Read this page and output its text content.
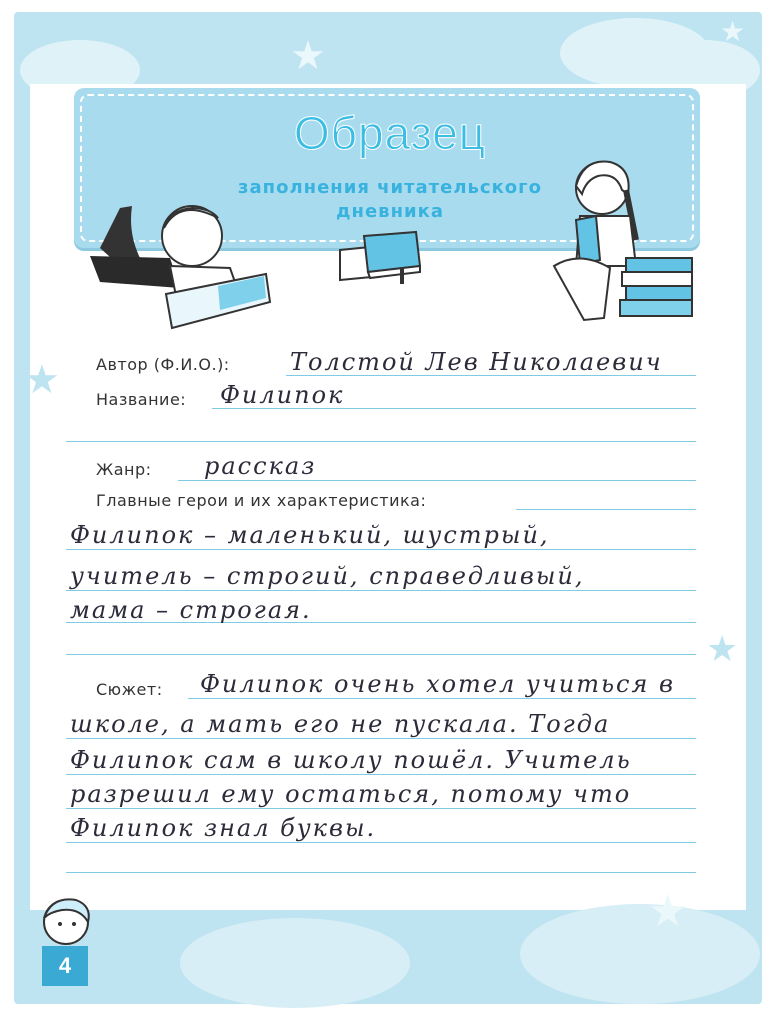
★
★
★
★
★
Образец
заполнения читательского
дневника
Автор (Ф.И.О.):	Толстой Лев Николаевич
Название: Филипок
Жанр: рассказ
Главные герои и их характеристика:
Филипок – маленький, шустрый,
учитель – строгий, справедливый,
мама – строгая.
Сюжет: Филипок очень хотел учиться в
школе, а мать его не пускала. Тогда
Филипок сам в школу пошёл. Учитель
разрешил ему остаться, потому что
Филипок знал буквы.
4
